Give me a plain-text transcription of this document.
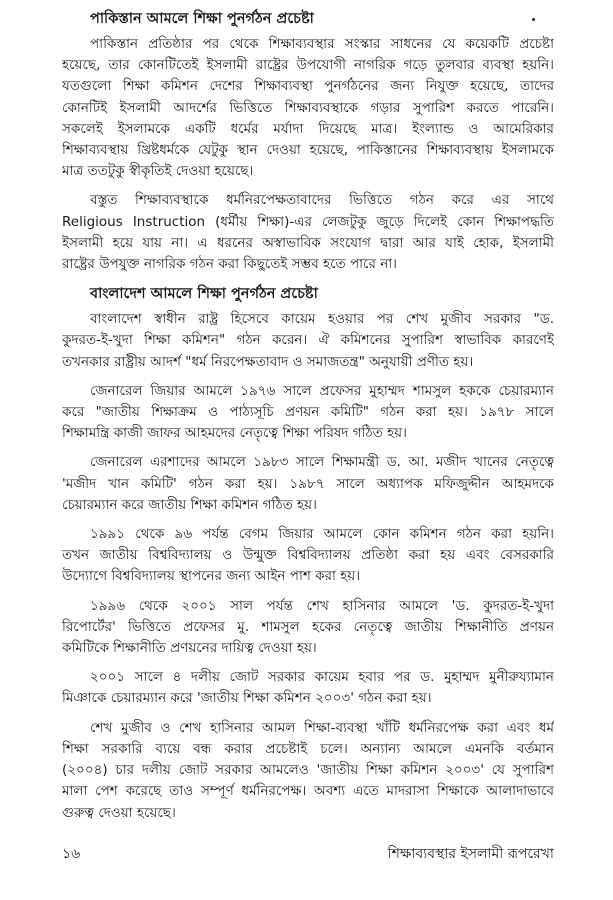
পাকিস্তান আমলে শিক্ষা পুনর্গঠন প্রচেষ্টা
পাকিস্তান প্রতিষ্ঠার পর থেকে শিক্ষাব্যবস্থার সংস্কার সাধনের যে কয়েকটি প্রচেষ্টা
হয়েছে, তার কোনটিতেই ইসলামী রাষ্ট্রের উপযোগী নাগরিক গড়ে তুলবার ব্যবস্থা হয়নি।
যতগুলো শিক্ষা কমিশন দেশের শিক্ষাব্যবস্থা পুনর্গঠনের জন্য নিযুক্ত হয়েছে, তাদের
কোনটিই ইসলামী আদর্শের ভিত্তিতে শিক্ষাব্যবস্থাকে গড়ার সুপারিশ করতে পারেনি।
সকলেই ইসলামকে একটি ধর্মের মর্যাদা দিয়েছে মাত্র। ইংল্যান্ড ও আমেরিকার
শিক্ষাব্যবস্থায় খ্রিষ্টধর্মকে যেটুকু স্থান দেওয়া হয়েছে, পাকিস্তানের শিক্ষাব্যবস্থায় ইসলামকে
মাত্র ততটুকু স্বীকৃতিই দেওয়া হয়েছে।
বস্তুত শিক্ষাব্যবস্থাকে ধর্মনিরপেক্ষতাবাদের ভিত্তিতে গঠন করে এর সাথে
Religious Instruction (ধর্মীয় শিক্ষা)-এর লেজটুকু জুড়ে দিলেই কোন শিক্ষাপদ্ধতি
ইসলামী হয়ে যায় না। এ ধরনের অস্বাভাবিক সংযোগ দ্বারা আর যাই হোক, ইসলামী
রাষ্ট্রের উপযুক্ত নাগরিক গঠন করা কিছুতেই সম্ভব হতে পারে না।
বাংলাদেশ আমলে শিক্ষা পুনর্গঠন প্রচেষ্টা
বাংলাদেশ স্বাধীন রাষ্ট্র হিসেবে কায়েম হওয়ার পর শেখ মুজীব সরকার "ড.
কুদরত-ই-খুদা শিক্ষা কমিশন" গঠন করেন। ঐ কমিশনের সুপারিশ স্বাভাবিক কারণেই
তখনকার রাষ্ট্রীয় আদর্শ "ধর্ম নিরপেক্ষতাবাদ ও সমাজতন্ত্র" অনুযায়ী প্রণীত হয়।
জেনারেল জিয়ার আমলে ১৯৭৬ সালে প্রফেসর মুহাম্মদ শামসুল হককে চেয়ারম্যান
করে "জাতীয় শিক্ষাক্রম ও পাঠ্যসূচি প্রণয়ন কমিটি" গঠন করা হয়। ১৯৭৮ সালে
শিক্ষামন্ত্রি কাজী জাফর আহমদের নেতৃত্বে শিক্ষা পরিষদ গঠিত হয়।
জেনারেল এরশাদের আমলে ১৯৮৩ সালে শিক্ষামন্ত্রী ড. আ. মজীদ খানের নেতৃত্বে
'মজীদ খান কমিটি' গঠন করা হয়। ১৯৮৭ সালে অধ্যাপক মফিজুদ্দীন আহমদকে
চেয়ারম্যান করে জাতীয় শিক্ষা কমিশন গঠিত হয়।
১৯৯১ থেকে ৯৬ পর্যন্ত বেগম জিয়ার আমলে কোন কমিশন গঠন করা হয়নি।
তখন জাতীয় বিশ্ববিদ্যালয় ও উন্মুক্ত বিশ্ববিদ্যালয় প্রতিষ্ঠা করা হয় এবং বেসরকারি
উদ্যোগে বিশ্ববিদ্যালয় স্থাপনের জন্য আইন পাশ করা হয়।
১৯৯৬ থেকে ২০০১ সাল পর্যন্ত শেখ হাসিনার আমলে 'ড. কুদরত-ই-খুদা
রিপোর্টের' ভিত্তিতে প্রফেসর মু. শামসুল হকের নেতৃত্বে জাতীয় শিক্ষানীতি প্রণয়ন
কমিটিকে শিক্ষানীতি প্রণয়নের দায়িত্ব দেওয়া হয়।
২০০১ সালে ৪ দলীয় জোট সরকার কায়েম হবার পর ড. মুহাম্মদ মুনীরুয্যামান
মিঞাকে চেয়ারম্যান করে 'জাতীয় শিক্ষা কমিশন ২০০৩' গঠন করা হয়।
শেখ মুজীব ও শেখ হাসিনার আমল শিক্ষা-ব্যবস্থা খাঁটি ধর্মনিরপেক্ষ করা এবং ধর্ম
শিক্ষা সরকারি ব্যয়ে বন্ধ করার প্রচেষ্টাই চলে। অন্যান্য আমলে এমনকি বর্তমান
(২০০৪) চার দলীয় জোট সরকার আমলেও 'জাতীয় শিক্ষা কমিশন ২০০৩' যে সুপারিশ
মালা পেশ করেছে তাও সম্পূর্ণ ধর্মনিরপেক্ষ। অবশ্য এতে মাদরাসা শিক্ষাকে আলাদাভাবে
গুরুত্ব দেওয়া হয়েছে।
১৬	শিক্ষাব্যবস্থার ইসলামী রূপরেখা
